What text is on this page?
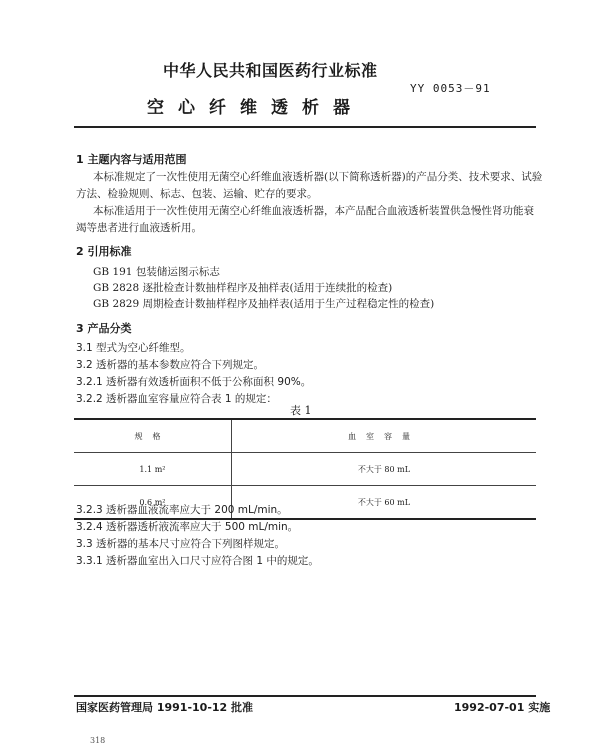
中华人民共和国医药行业标准
YY 0053－91
空心纤维透析器
1 主题内容与适用范围
本标准规定了一次性使用无菌空心纤维血液透析器(以下简称透析器)的产品分类、技术要求、试验
方法、检验规则、标志、包装、运输、贮存的要求。
本标准适用于一次性使用无菌空心纤维血液透析器，本产品配合血液透析装置供急慢性肾功能衰
竭等患者进行血液透析用。
2 引用标准
GB 191 包装储运图示标志
GB 2828 逐批检查计数抽样程序及抽样表(适用于连续批的检查)
GB 2829 周期检查计数抽样程序及抽样表(适用于生产过程稳定性的检查)
3 产品分类
3.1 型式为空心纤维型。
3.2 透析器的基本参数应符合下列规定。
3.2.1 透析器有效透析面积不低于公称面积 90%。
3.2.2 透析器血室容量应符合表 1 的规定：
表 1
规格	血室容量
1.1 m²	不大于 80 mL
0.6 m²	不大于 60 mL
3.2.3 透析器血液流率应大于 200 mL/min。
3.2.4 透析器透析液流率应大于 500 mL/min。
3.3 透析器的基本尺寸应符合下列图样规定。
3.3.1 透析器血室出入口尺寸应符合图 1 中的规定。
国家医药管理局 1991-10-12 批准	1992-07-01 实施
318
